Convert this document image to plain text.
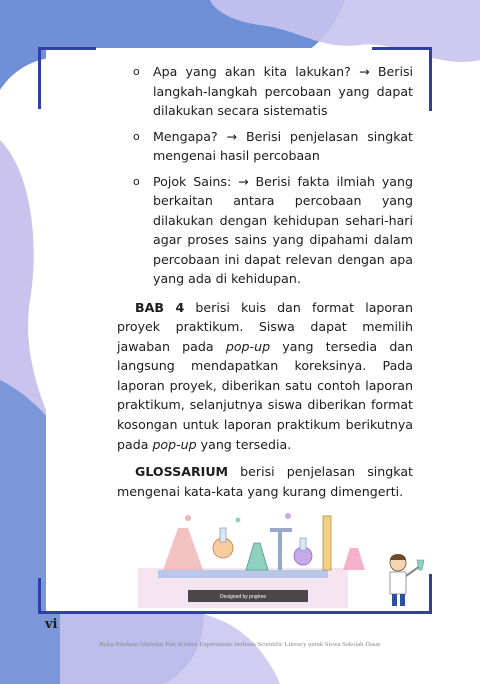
o Apa yang akan kita lakukan? → Berisi langkah-langkah percobaan yang dapat dilakukan secara sistematis
o Mengapa? → Berisi penjelasan singkat mengenai hasil percobaan
o Pojok Sains: → Berisi fakta ilmiah yang berkaitan antara percobaan yang dilakukan dengan kehidupan sehari-hari agar proses sains yang dipahami dalam percobaan ini dapat relevan dengan apa yang ada di kehidupan.

BAB 4 berisi kuis dan format laporan proyek praktikum. Siswa dapat memilih jawaban pada pop-up yang tersedia dan langsung mendapatkan koreksinya. Pada laporan proyek, diberikan satu contoh laporan praktikum, selanjutnya siswa diberikan format kosongan untuk laporan praktikum berikutnya pada pop-up yang tersedia.

GLOSSARIUM berisi penjelasan singkat mengenai kata-kata yang kurang dimengerti.

Designed by pngtree
vi
Buku Panduan Aktivitas Fun Science Experiments berbasis Scientific Literacy untuk Siswa Sekolah Dasar
